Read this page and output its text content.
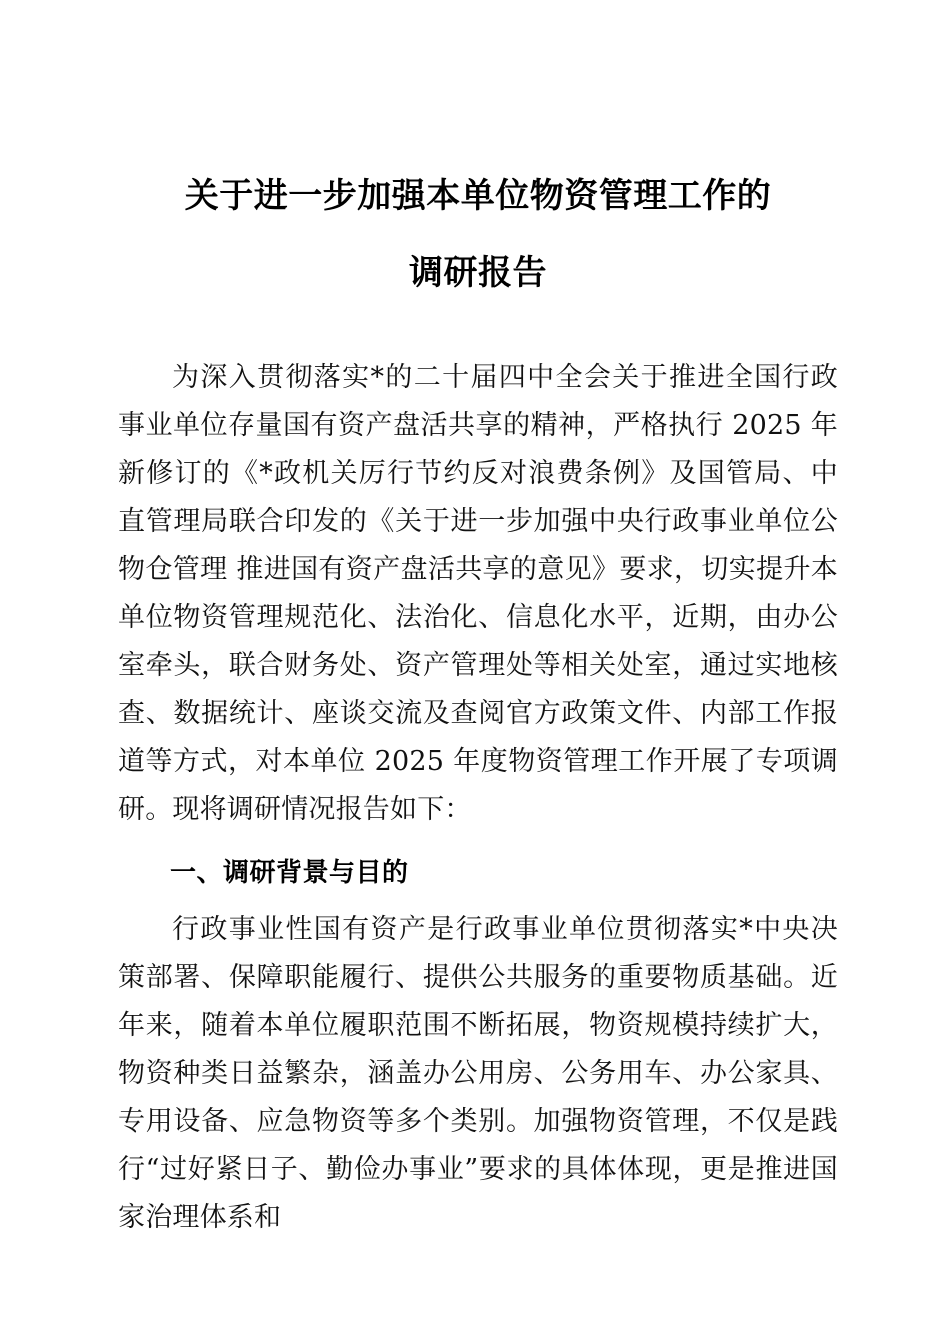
关于进一步加强本单位物资管理工作的
调研报告

为深入贯彻落实*的二十届四中全会关于推进全国行政事业单位存量国有资产盘活共享的精神，严格执行 2025 年新修订的《*政机关厉行节约反对浪费条例》及国管局、中直管理局联合印发的《关于进一步加强中央行政事业单位公物仓管理 推进国有资产盘活共享的意见》要求，切实提升本单位物资管理规范化、法治化、信息化水平，近期，由办公室牵头，联合财务处、资产管理处等相关处室，通过实地核查、数据统计、座谈交流及查阅官方政策文件、内部工作报道等方式，对本单位 2025 年度物资管理工作开展了专项调研。现将调研情况报告如下：

一、调研背景与目的

行政事业性国有资产是行政事业单位贯彻落实*中央决策部署、保障职能履行、提供公共服务的重要物质基础。近年来，随着本单位履职范围不断拓展，物资规模持续扩大，物资种类日益繁杂，涵盖办公用房、公务用车、办公家具、专用设备、应急物资等多个类别。加强物资管理，不仅是践行“过好紧日子、勤俭办事业”要求的具体体现，更是推进国家治理体系和
